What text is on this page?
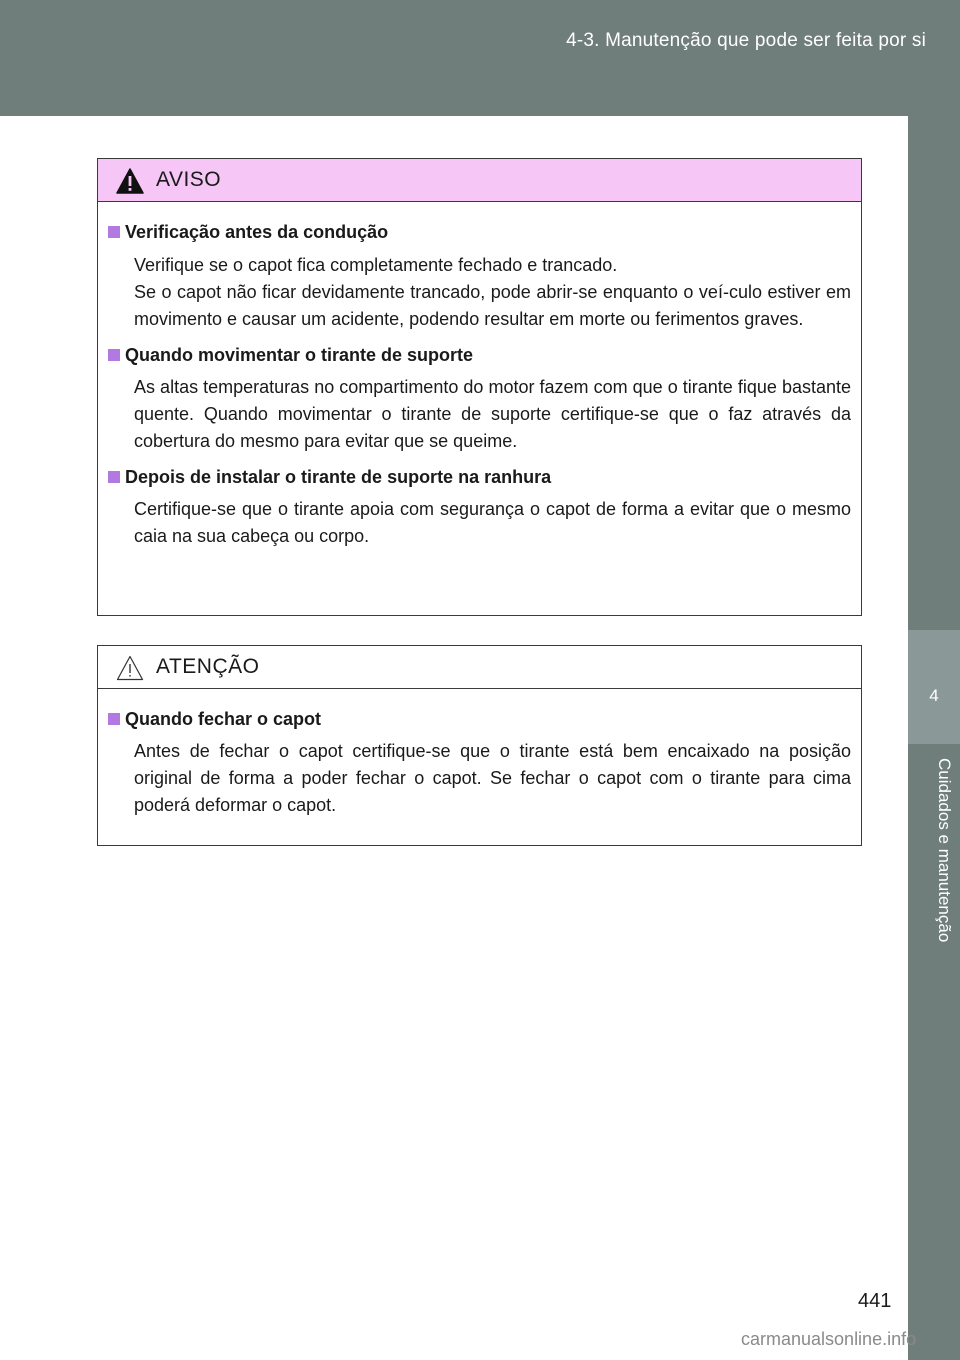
4-3. Manutenção que pode ser feita por si
4
Cuidados e manutenção
AVISO
Verificação antes da condução
Verifique se o capot fica completamente fechado e trancado.
Se o capot não ficar devidamente trancado, pode abrir-se enquanto o veí-culo estiver em movimento e causar um acidente, podendo resultar em morte ou ferimentos graves.
Quando movimentar o tirante de suporte
As altas temperaturas no compartimento do motor fazem com que o tirante fique bastante quente. Quando movimentar o tirante de suporte certifique-se que o faz através da cobertura do mesmo para evitar que se queime.
Depois de instalar o tirante de suporte na ranhura
Certifique-se que o tirante apoia com segurança o capot de forma a evitar que o mesmo caia na sua cabeça ou corpo.
ATENÇÃO
Quando fechar o capot
Antes de fechar o capot certifique-se que o tirante está bem encaixado na posição original de forma a poder fechar o capot. Se fechar o capot com o tirante para cima poderá deformar o capot.
441
carmanualsonline.info
